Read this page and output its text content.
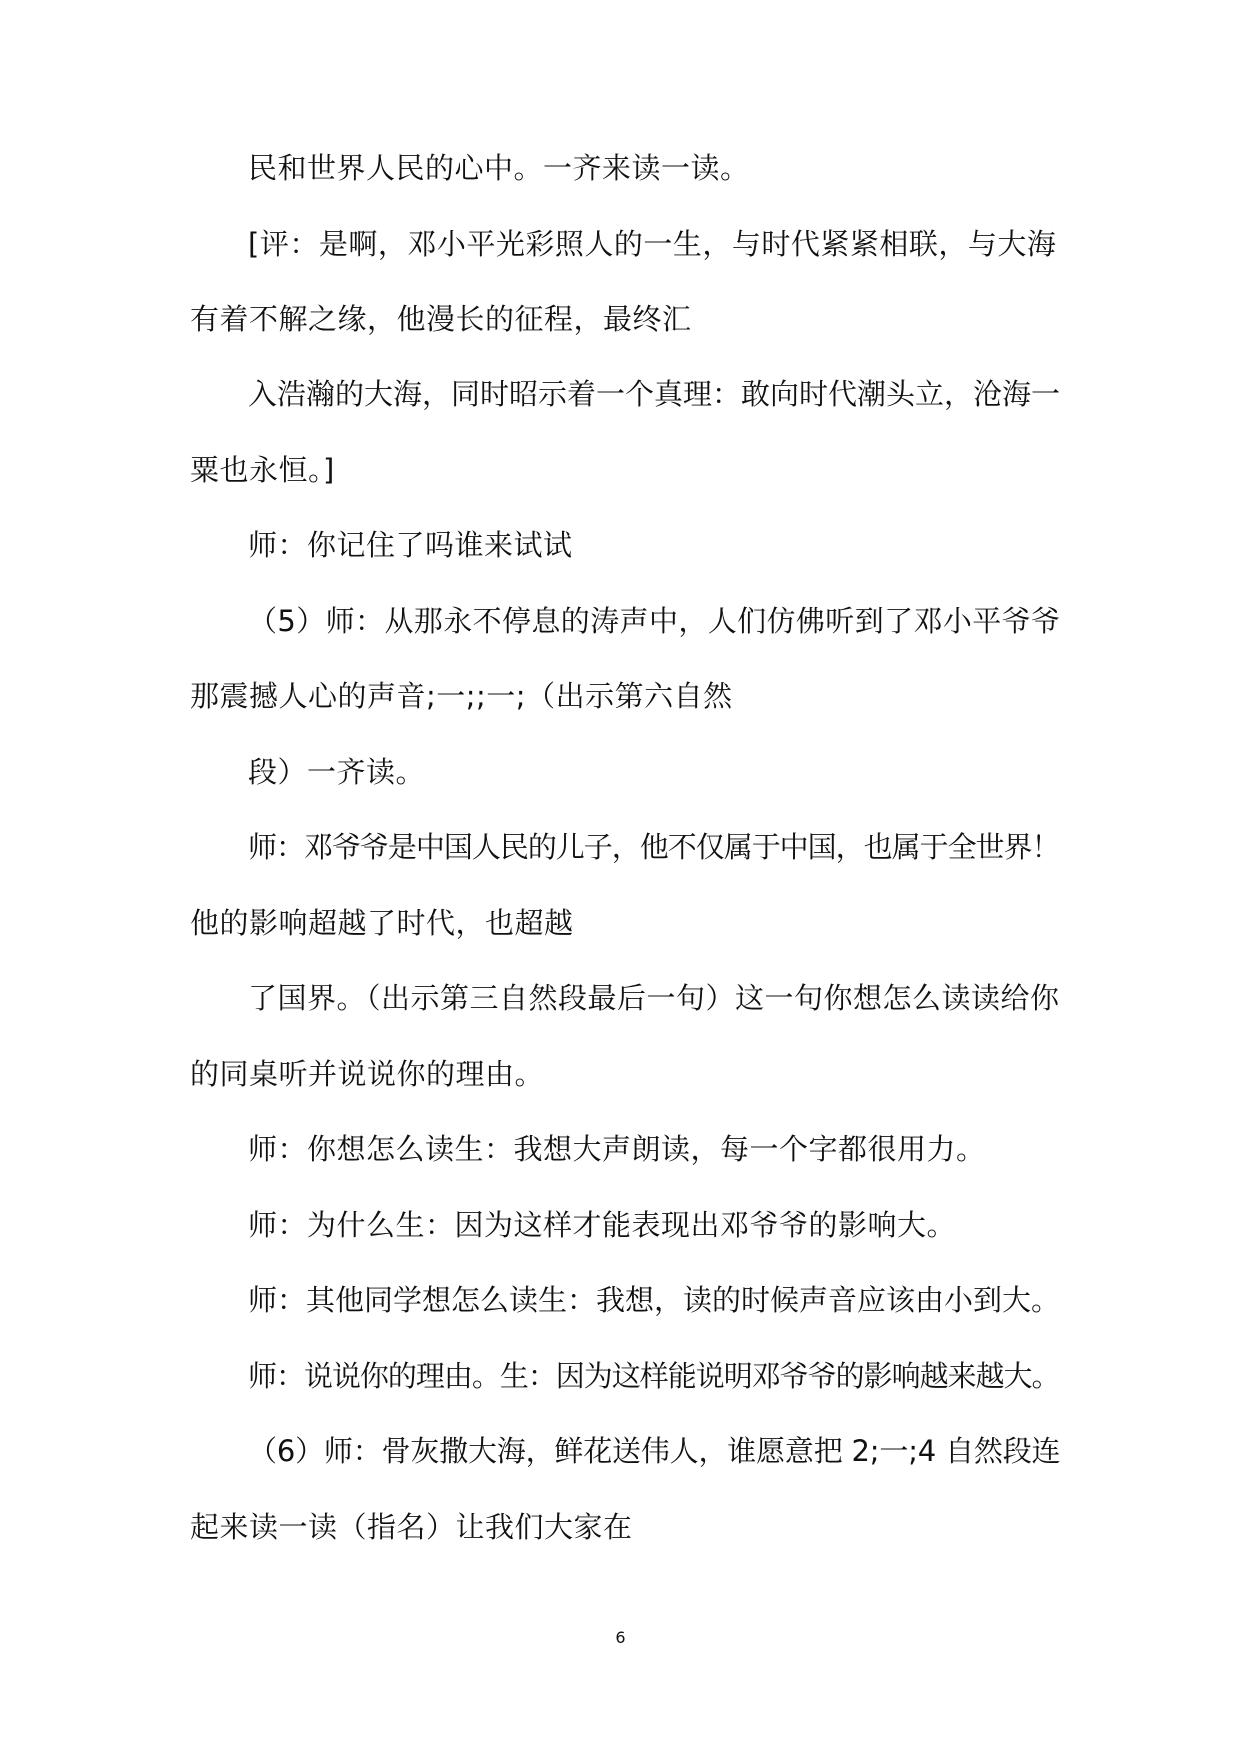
民和世界人民的心中。一齐来读一读。
[评：是啊，邓小平光彩照人的一生，与时代紧紧相联，与大海
有着不解之缘，他漫长的征程，最终汇
入浩瀚的大海，同时昭示着一个真理：敢向时代潮头立，沧海一
粟也永恒。]
师：你记住了吗谁来试试
（5）师：从那永不停息的涛声中，人们仿佛听到了邓小平爷爷
那震撼人心的声音;一;;一;（出示第六自然
段）一齐读。
师：邓爷爷是中国人民的儿子，他不仅属于中国，也属于全世界！
他的影响超越了时代，也超越
了国界。（出示第三自然段最后一句）这一句你想怎么读读给你
的同桌听并说说你的理由。
师：你想怎么读生：我想大声朗读，每一个字都很用力。
师：为什么生：因为这样才能表现出邓爷爷的影响大。
师：其他同学想怎么读生：我想，读的时候声音应该由小到大。
师：说说你的理由。生：因为这样能说明邓爷爷的影响越来越大。
（6）师：骨灰撒大海，鲜花送伟人，谁愿意把 2;一;4 自然段连
起来读一读（指名）让我们大家在
6
